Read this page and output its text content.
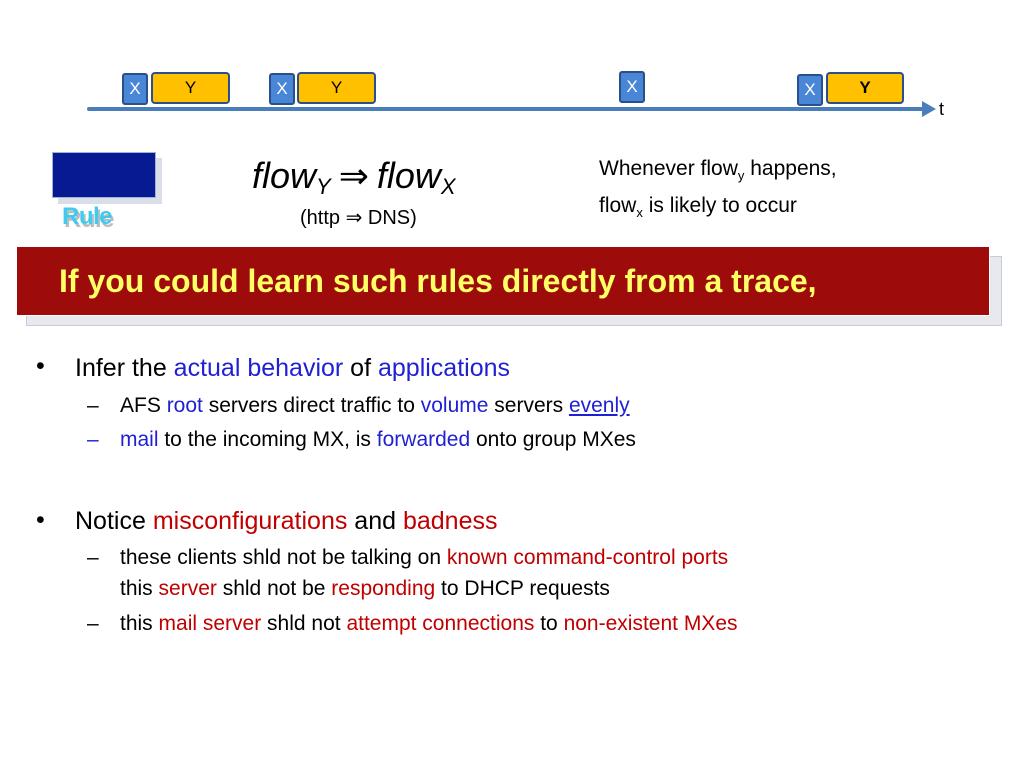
t
X	Y	X	Y	X	X	Y
Rule
flow$_Y$ ⇒ flow$_X$
(http ⇒ DNS)
Whenever flow$_y$ happens,
flow$_x$ is likely to occur
If you could learn such rules directly from a trace,
• Infer the actual behavior of applications
– AFS root servers direct traffic to volume servers evenly
– mail to the incoming MX, is forwarded onto group MXes
• Notice misconfigurations and badness
– these clients shld not be talking on known command-control ports
this server shld not be responding to DHCP requests
– this mail server shld not attempt connections to non-existent MXes
